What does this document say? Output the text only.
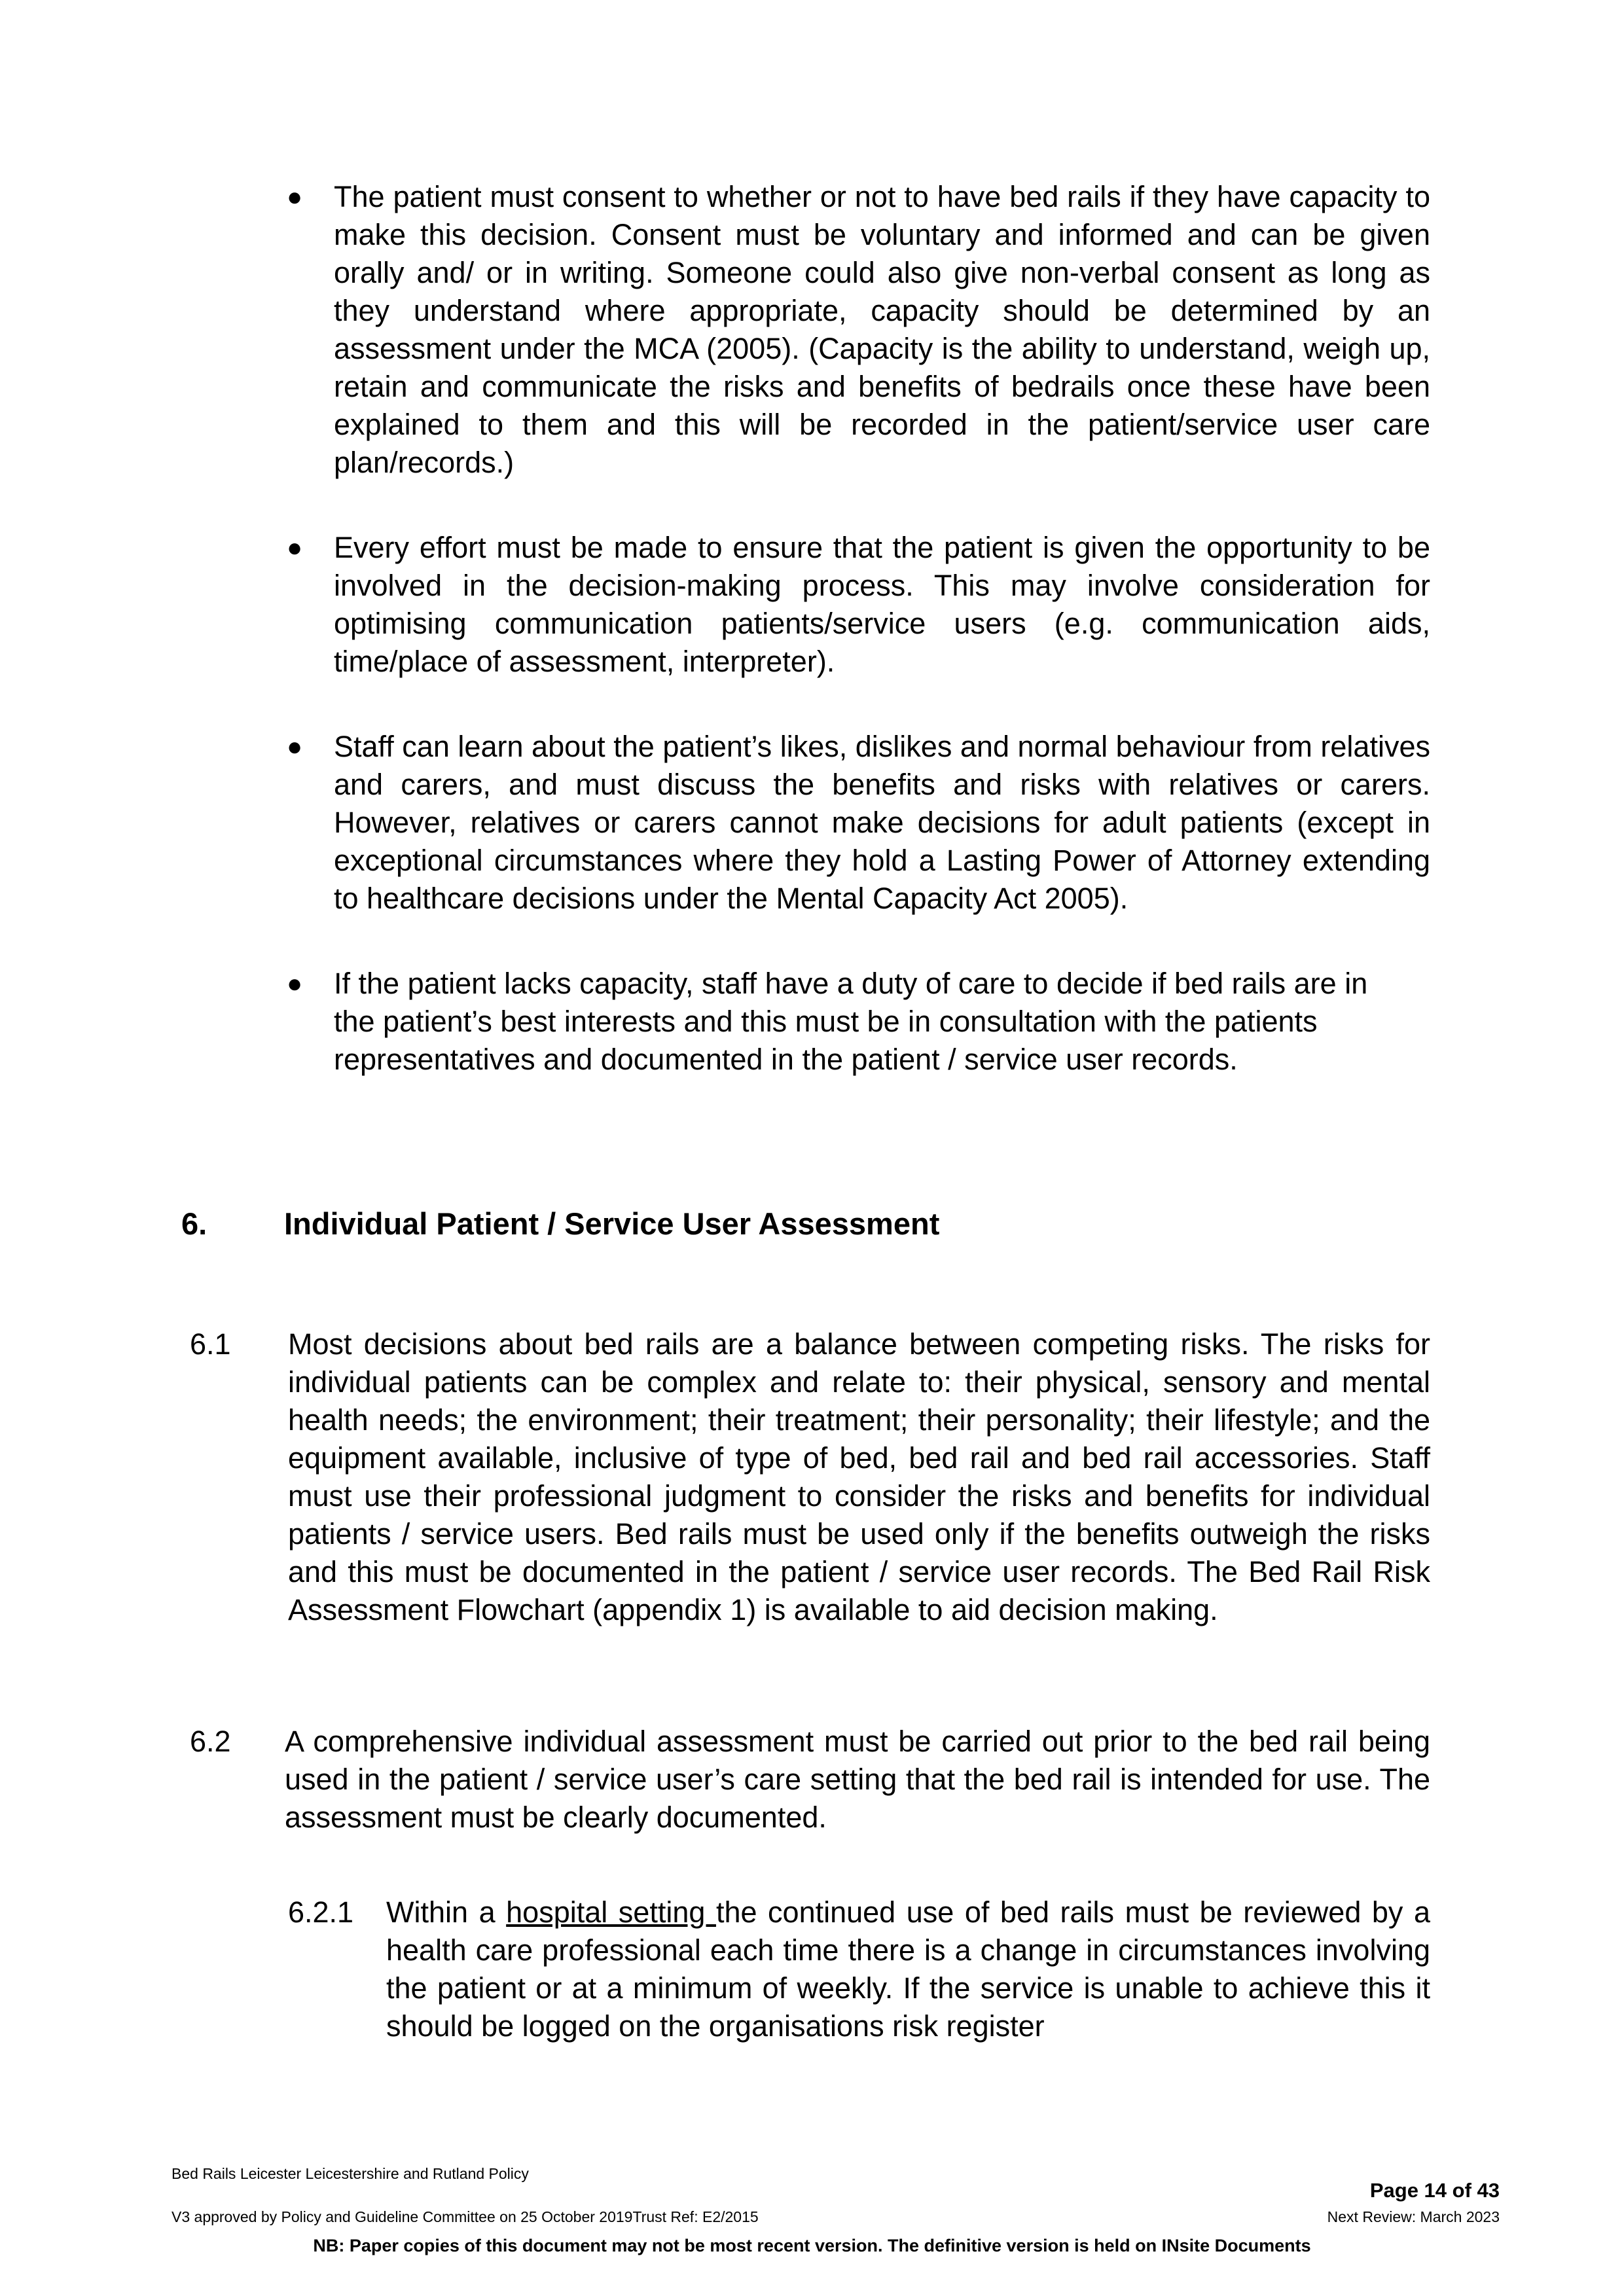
● The patient must consent to whether or not to have bed rails if they have capacity to make this decision. Consent must be voluntary and informed and can be given orally and/ or in writing. Someone could also give non-verbal consent as long as they understand where appropriate, capacity should be determined by an assessment under the MCA (2005). (Capacity is the ability to understand, weigh up, retain and communicate the risks and benefits of bedrails once these have been explained to them and this will be recorded in the patient/service user care plan/records.)
● Every effort must be made to ensure that the patient is given the opportunity to be involved in the decision-making process. This may involve consideration for optimising communication patients/service users (e.g. communication aids, time/place of assessment, interpreter).
● Staff can learn about the patient’s likes, dislikes and normal behaviour from relatives and carers, and must discuss the benefits and risks with relatives or carers. However, relatives or carers cannot make decisions for adult patients (except in exceptional circumstances where they hold a Lasting Power of Attorney extending to healthcare decisions under the Mental Capacity Act 2005).
● If the patient lacks capacity, staff have a duty of care to decide if bed rails are in the patient’s best interests and this must be in consultation with the patients representatives and documented in the patient / service user records.
6.	Individual Patient / Service User Assessment
6.1 Most decisions about bed rails are a balance between competing risks. The risks for individual patients can be complex and relate to: their physical, sensory and mental health needs; the environment; their treatment; their personality; their lifestyle; and the equipment available, inclusive of type of bed, bed rail and bed rail accessories. Staff must use their professional judgment to consider the risks and benefits for individual patients / service users. Bed rails must be used only if the benefits outweigh the risks and this must be documented in the patient / service user records. The Bed Rail Risk Assessment Flowchart (appendix 1) is available to aid decision making.
6.2 A comprehensive individual assessment must be carried out prior to the bed rail being used in the patient / service user’s care setting that the bed rail is intended for use. The assessment must be clearly documented.
6.2.1 Within a hospital setting the continued use of bed rails must be reviewed by a health care professional each time there is a change in circumstances involving the patient or at a minimum of weekly. If the service is unable to achieve this it should be logged on the organisations risk register
Bed Rails Leicester Leicestershire and Rutland Policy
Page 14 of 43
V3 approved by Policy and Guideline Committee on 25 October 2019Trust Ref: E2/2015	Next Review: March 2023
NB: Paper copies of this document may not be most recent version. The definitive version is held on INsite Documents
